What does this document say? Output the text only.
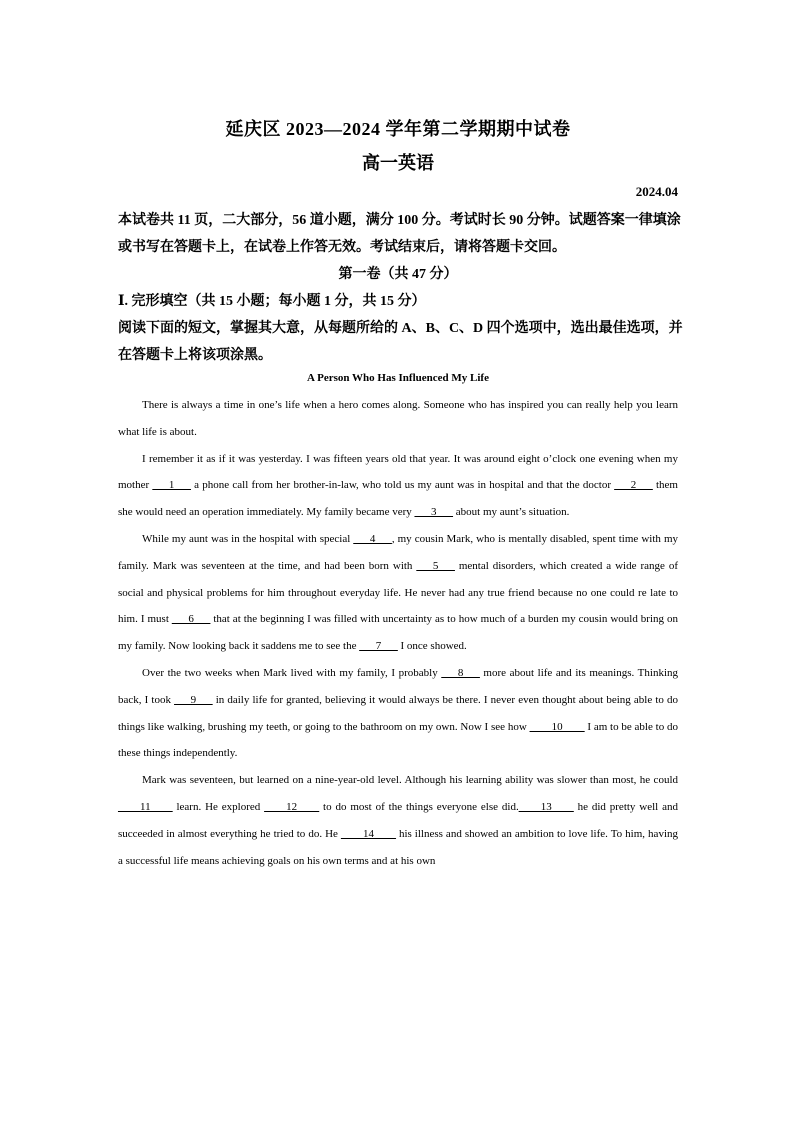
延庆区 2023—2024 学年第二学期期中试卷
高一英语
2024.04
本试卷共 11 页，二大部分，56 道小题，满分 100 分。考试时长 90 分钟。试题答案一律填涂
或书写在答题卡上，在试卷上作答无效。考试结束后，请将答题卡交回。
第一卷（共 47 分）
Ⅰ. 完形填空（共 15 小题；每小题 1 分，共 15 分）
阅读下面的短文，掌握其大意，从每题所给的 A、B、C、D 四个选项中，选出最佳选项，并
在答题卡上将该项涂黑。
A Person Who Has Influenced My Life

There is always a time in one’s life when a hero comes along. Someone who has inspired you can really help you learn what life is about.

I remember it as if it was yesterday. I was fifteen years old that year. It was around eight o’clock one evening when my mother ___1___ a phone call from her brother-in-law, who told us my aunt was in hospital and that the doctor ___2___ them she would need an operation immediately. My family became very ___3___ about my aunt’s situation.

While my aunt was in the hospital with special ___4___, my cousin Mark, who is mentally disabled, spent time with my family. Mark was seventeen at the time, and had been born with ___5___ mental disorders, which created a wide range of social and physical problems for him throughout everyday life. He never had any true friend because no one could re late to him. I must ___6___ that at the beginning I was filled with uncertainty as to how much of a burden my cousin would bring on my family. Now looking back it saddens me to see the ___7___ I once showed.

Over the two weeks when Mark lived with my family, I probably ___8___ more about life and its meanings. Thinking back, I took ___9___ in daily life for granted, believing it would always be there. I never even thought about being able to do things like walking, brushing my teeth, or going to the bathroom on my own. Now I see how ____10____ I am to be able to do these things independently.

Mark was seventeen, but learned on a nine-year-old level. Although his learning ability was slower than most, he could ____11____ learn. He explored ____12____ to do most of the things everyone else did.____13____ he did pretty well and succeeded in almost everything he tried to do. He ____14____ his illness and showed an ambition to love life. To him, having a successful life means achieving goals on his own terms and at his own
